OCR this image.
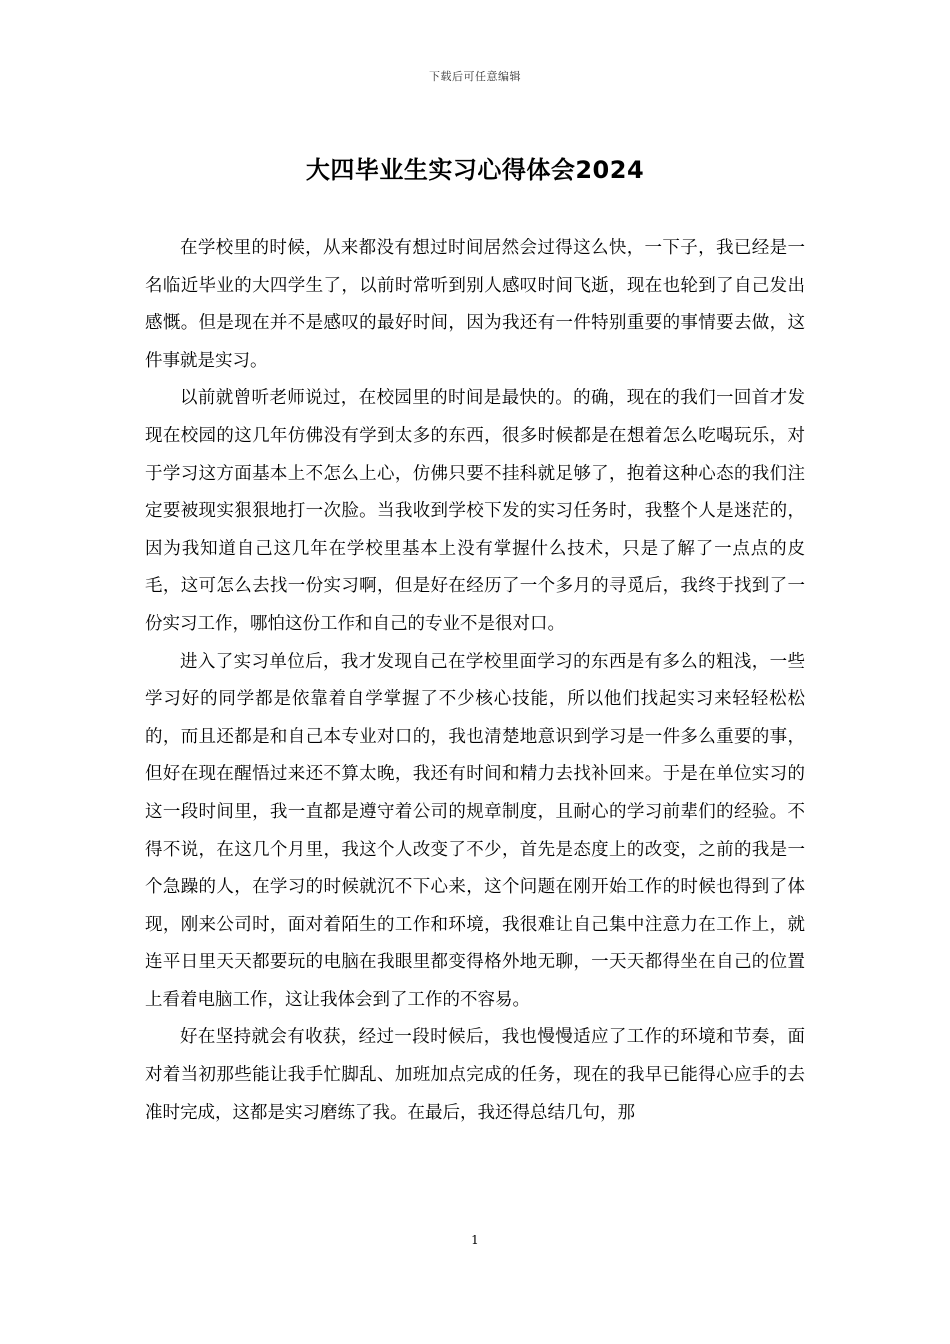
下载后可任意编辑
大四毕业生实习心得体会2024

在学校里的时候，从来都没有想过时间居然会过得这么快，一下子，我已经是一名临近毕业的大四学生了，以前时常听到别人感叹时间飞逝，现在也轮到了自己发出感慨。但是现在并不是感叹的最好时间，因为我还有一件特别重要的事情要去做，这件事就是实习。

以前就曾听老师说过，在校园里的时间是最快的。的确，现在的我们一回首才发现在校园的这几年仿佛没有学到太多的东西，很多时候都是在想着怎么吃喝玩乐，对于学习这方面基本上不怎么上心，仿佛只要不挂科就足够了，抱着这种心态的我们注定要被现实狠狠地打一次脸。当我收到学校下发的实习任务时，我整个人是迷茫的，因为我知道自己这几年在学校里基本上没有掌握什么技术，只是了解了一点点的皮毛，这可怎么去找一份实习啊，但是好在经历了一个多月的寻觅后，我终于找到了一份实习工作，哪怕这份工作和自己的专业不是很对口。

进入了实习单位后，我才发现自己在学校里面学习的东西是有多么的粗浅，一些学习好的同学都是依靠着自学掌握了不少核心技能，所以他们找起实习来轻轻松松的，而且还都是和自己本专业对口的，我也清楚地意识到学习是一件多么重要的事，但好在现在醒悟过来还不算太晚，我还有时间和精力去找补回来。于是在单位实习的这一段时间里，我一直都是遵守着公司的规章制度，且耐心的学习前辈们的经验。不得不说，在这几个月里，我这个人改变了不少，首先是态度上的改变，之前的我是一个急躁的人，在学习的时候就沉不下心来，这个问题在刚开始工作的时候也得到了体现，刚来公司时，面对着陌生的工作和环境，我很难让自己集中注意力在工作上，就连平日里天天都要玩的电脑在我眼里都变得格外地无聊，一天天都得坐在自己的位置上看着电脑工作，这让我体会到了工作的不容易。

好在坚持就会有收获，经过一段时候后，我也慢慢适应了工作的环境和节奏，面对着当初那些能让我手忙脚乱、加班加点完成的任务，现在的我早已能得心应手的去准时完成，这都是实习磨练了我。在最后，我还得总结几句，那

1
